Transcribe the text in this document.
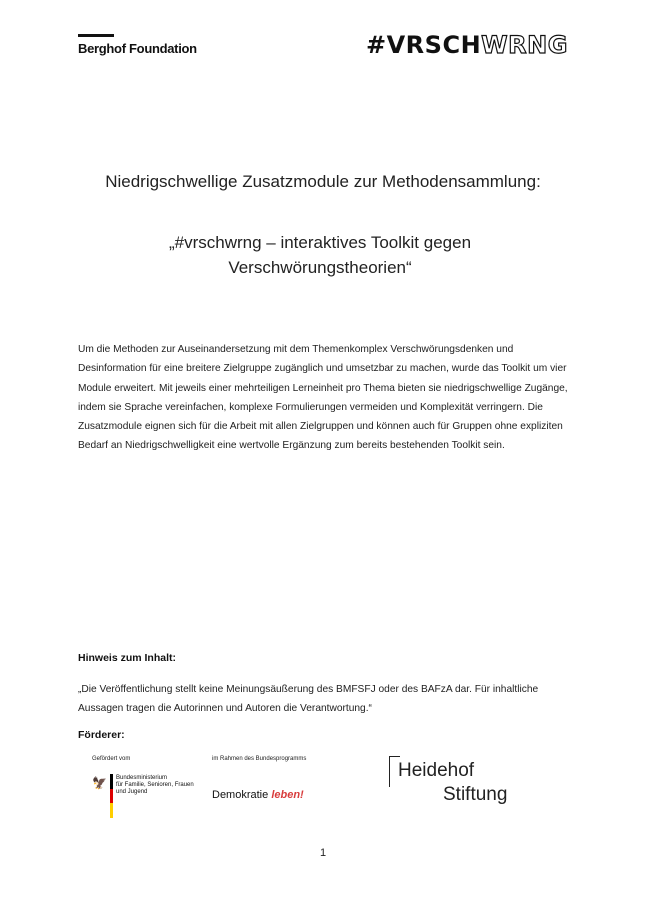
Berghof Foundation	#VRSCHWRNG
Niedrigschwellige Zusatzmodule zur Methodensammlung:
„#vrschwrng – interaktives Toolkit gegen Verschwörungstheorien“
Um die Methoden zur Auseinandersetzung mit dem Themenkomplex Verschwörungsdenken und Desinformation für eine breitere Zielgruppe zugänglich und umsetzbar zu machen, wurde das Toolkit um vier Module erweitert. Mit jeweils einer mehrteiligen Lerneinheit pro Thema bieten sie niedrigschwellige Zugänge, indem sie Sprache vereinfachen, komplexe Formulierungen vermeiden und Komplexität verringern. Die Zusatzmodule eignen sich für die Arbeit mit allen Zielgruppen und können auch für Gruppen ohne expliziten Bedarf an Niedrigschwelligkeit eine wertvolle Ergänzung zum bereits bestehenden Toolkit sein.
Hinweis zum Inhalt:
„Die Veröffentlichung stellt keine Meinungsäußerung des BMFSFJ oder des BAFzA dar. Für inhaltliche Aussagen tragen die Autorinnen und Autoren die Verantwortung.“
Förderer:
Gefördert vom
🦅 Bundesministerium
für Familie, Senioren, Frauen
und Jugend
im Rahmen des Bundesprogramms
Demokratie leben!
Heidehof
Stiftung
1
